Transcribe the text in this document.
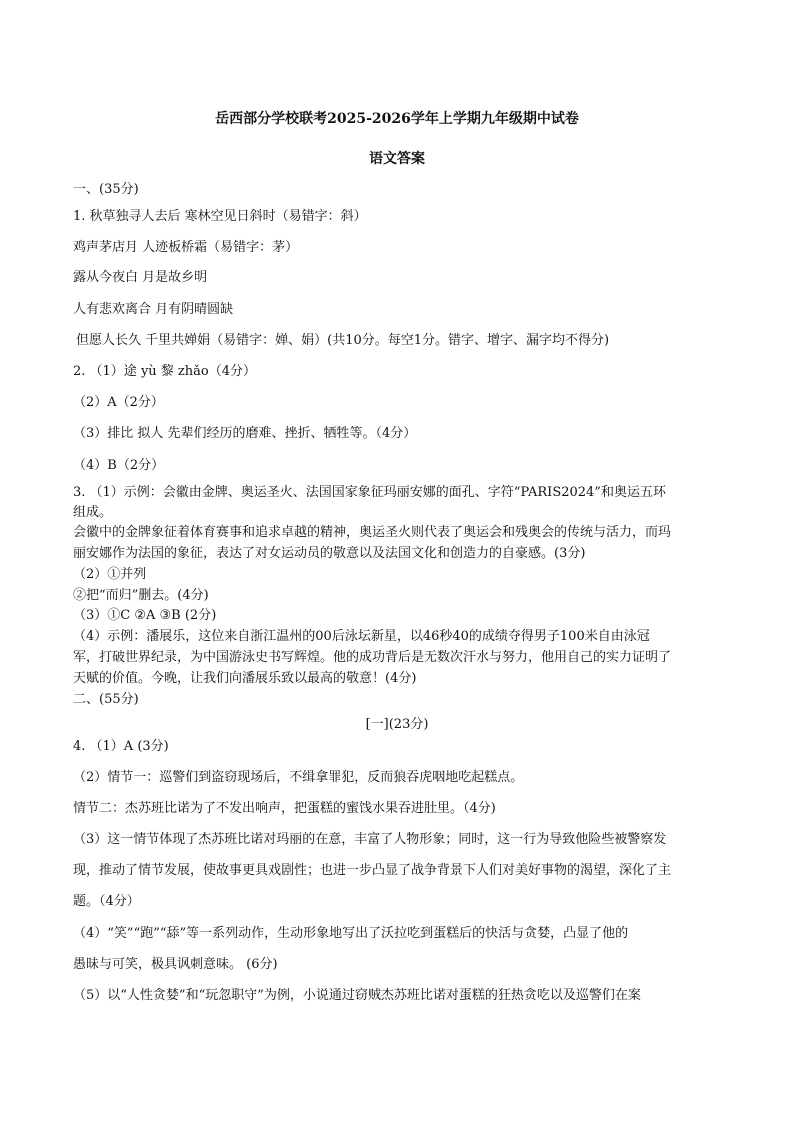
岳西部分学校联考2025-2026学年上学期九年级期中试卷
语文答案
一、(35分)
1. 秋草独寻人去后 寒林空见日斜时（易错字：斜）
鸡声茅店月 人迹板桥霜（易错字：茅）
露从今夜白 月是故乡明
人有悲欢离合 月有阴晴圆缺
但愿人长久 千里共婵娟（易错字：婵、娟）(共10分。每空1分。错字、增字、漏字均不得分)
2. （1）途 yù 黎 zhǎo（4分）
（2）A（2分）
（3）排比 拟人 先辈们经历的磨难、挫折、牺牲等。（4分）
（4）B（2分）
3. （1）示例：会徽由金牌、奥运圣火、法国国家象征玛丽安娜的面孔、字符“PARIS2024”和奥运五环
组成。
会徽中的金牌象征着体育赛事和追求卓越的精神，奥运圣火则代表了奥运会和残奥会的传统与活力，而玛
丽安娜作为法国的象征，表达了对女运动员的敬意以及法国文化和创造力的自豪感。(3分)
（2）①并列
②把“而归”删去。(4分)
（3）①C ②A ③B (2分)
（4）示例：潘展乐，这位来自浙江温州的00后泳坛新星，以46秒40的成绩夺得男子100米自由泳冠
军，打破世界纪录，为中国游泳史书写辉煌。他的成功背后是无数次汗水与努力，他用自己的实力证明了
天赋的价值。今晚，让我们向潘展乐致以最高的敬意！(4分)
二、(55分)
[一](23分)
4. （1）A (3分)
（2）情节一：巡警们到盗窃现场后，不缉拿罪犯，反而狼吞虎咽地吃起糕点。
情节二：杰苏班比诺为了不发出响声，把蛋糕的蜜饯水果吞进肚里。（4分)
（3）这一情节体现了杰苏班比诺对玛丽的在意，丰富了人物形象；同时，这一行为导致他险些被警察发
现，推动了情节发展，使故事更具戏剧性；也进一步凸显了战争背景下人们对美好事物的渴望，深化了主
题。（4分）
（4）“笑”“跑”“舔”等一系列动作，生动形象地写出了沃拉吃到蛋糕后的快活与贪婪，凸显了他的
愚昧与可笑，极具讽刺意味。 (6分)
（5）以“人性贪婪”和“玩忽职守”为例，小说通过窃贼杰苏班比诺对蛋糕的狂热贪吃以及巡警们在案
